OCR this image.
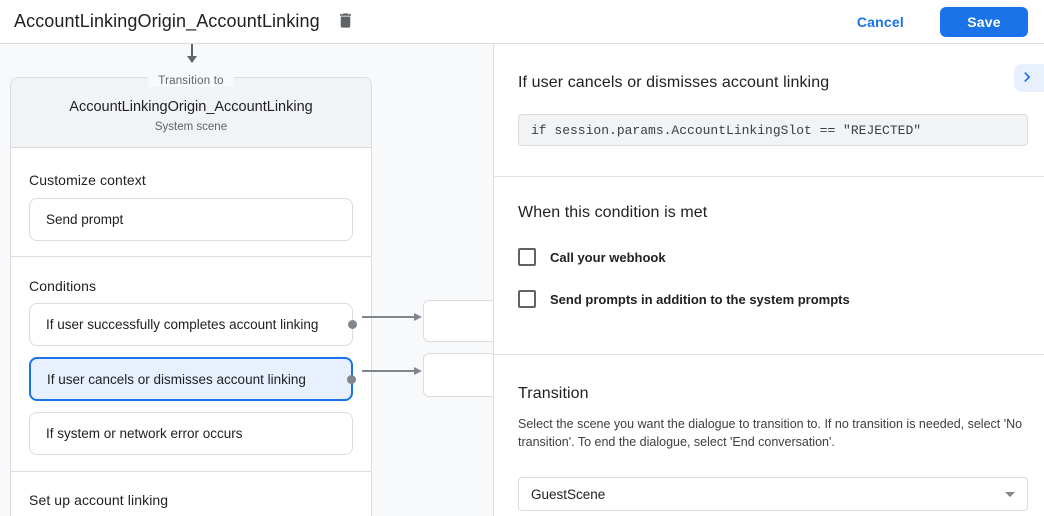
AccountLinkingOrigin_AccountLinking	Cancel	Save
Transition to
AccountLinkingOrigin_AccountLinking
System scene
Customize context
Send prompt
Conditions
If user successfully completes account linking
If user cancels or dismisses account linking
If system or network error occurs
Set up account linking
If user cancels or dismisses account linking
if session.params.AccountLinkingSlot == "REJECTED"
When this condition is met
Call your webhook
Send prompts in addition to the system prompts
Transition
Select the scene you want the dialogue to transition to. If no transition is needed, select 'No transition'. To end the dialogue, select 'End conversation'.
GuestScene
